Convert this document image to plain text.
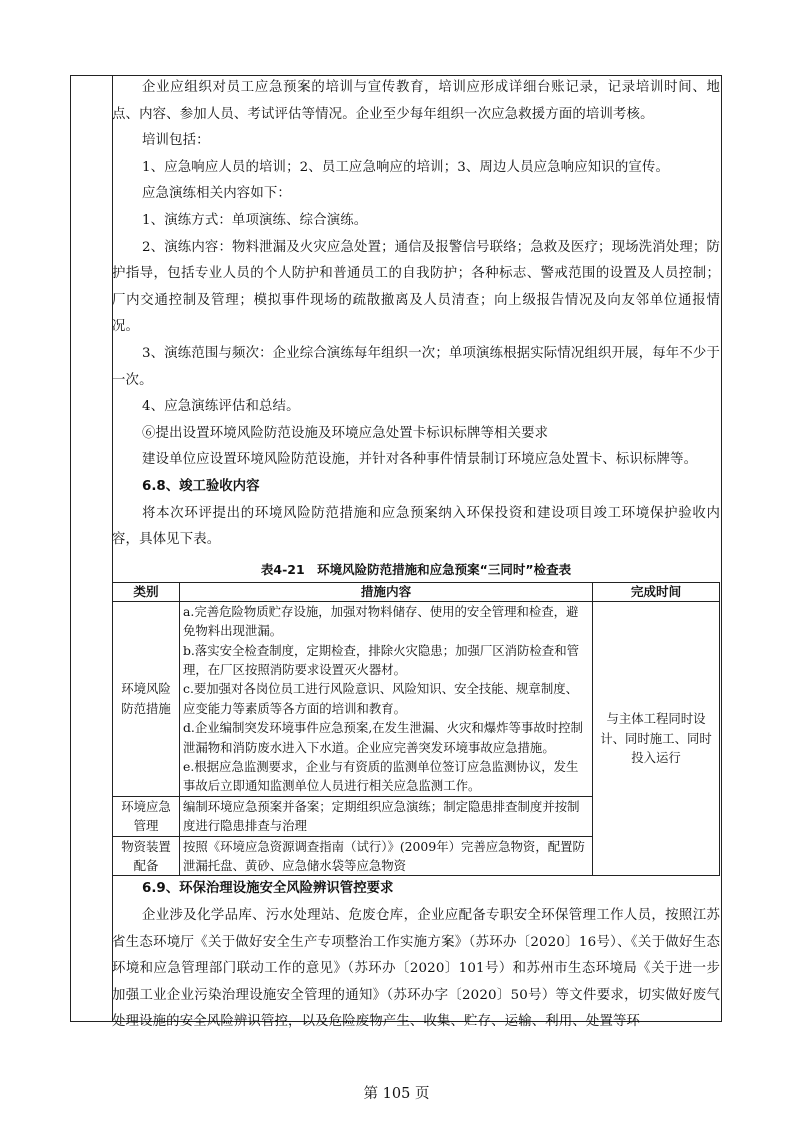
企业应组织对员工应急预案的培训与宣传教育，培训应形成详细台账记录，记录培训时间、地点、内容、参加人员、考试评估等情况。企业至少每年组织一次应急救援方面的培训考核。

培训包括：

1、应急响应人员的培训；2、员工应急响应的培训；3、周边人员应急响应知识的宣传。

应急演练相关内容如下：

1、演练方式：单项演练、综合演练。

2、演练内容：物料泄漏及火灾应急处置；通信及报警信号联络；急救及医疗；现场洗消处理；防护指导，包括专业人员的个人防护和普通员工的自我防护；各种标志、警戒范围的设置及人员控制；厂内交通控制及管理；模拟事件现场的疏散撤离及人员清查；向上级报告情况及向友邻单位通报情况。

3、演练范围与频次：企业综合演练每年组织一次；单项演练根据实际情况组织开展，每年不少于一次。

4、应急演练评估和总结。

⑥提出设置环境风险防范设施及环境应急处置卡标识标牌等相关要求

建设单位应设置环境风险防范设施，并针对各种事件情景制订环境应急处置卡、标识标牌等。

6.8、竣工验收内容

将本次环评提出的环境风险防范措施和应急预案纳入环保投资和建设项目竣工环境保护验收内容，具体见下表。

表4-21　环境风险防范措施和应急预案“三同时”检查表
类别	措施内容	完成时间
环境风险防范措施	a.完善危险物质贮存设施，加强对物料储存、使用的安全管理和检查，避免物料出现泄漏。
b.落实安全检查制度，定期检查，排除火灾隐患；加强厂区消防检查和管理，在厂区按照消防要求设置灭火器材。
c.要加强对各岗位员工进行风险意识、风险知识、安全技能、规章制度、应变能力等素质等各方面的培训和教育。
d.企业编制突发环境事件应急预案,在发生泄漏、火灾和爆炸等事故时控制泄漏物和消防废水进入下水道。企业应完善突发环境事故应急措施。
e.根据应急监测要求，企业与有资质的监测单位签订应急监测协议，发生事故后立即通知监测单位人员进行相关应急监测工作。	与主体工程同时设计、同时施工、同时投入运行
环境应急管理	编制环境应急预案并备案；定期组织应急演练；制定隐患排查制度并按制度进行隐患排查与治理	

物资装置配备	按照《环境应急资源调查指南（试行）》(2009年）完善应急物资，配置防泄漏托盘、黄砂、应急储水袋等应急物资	

6.9、环保治理设施安全风险辨识管控要求

企业涉及化学品库、污水处理站、危废仓库，企业应配备专职安全环保管理工作人员，按照江苏省生态环境厅《关于做好安全生产专项整治工作实施方案》（苏环办〔2020〕16号）、《关于做好生态环境和应急管理部门联动工作的意见》（苏环办〔2020〕101号）和苏州市生态环境局《关于进一步加强工业企业污染治理设施安全管理的通知》（苏环办字〔2020〕50号）等文件要求，切实做好废气处理设施的安全风险辨识管控，以及危险废物产生、收集、贮存、运输、利用、处置等环

第 105 页
